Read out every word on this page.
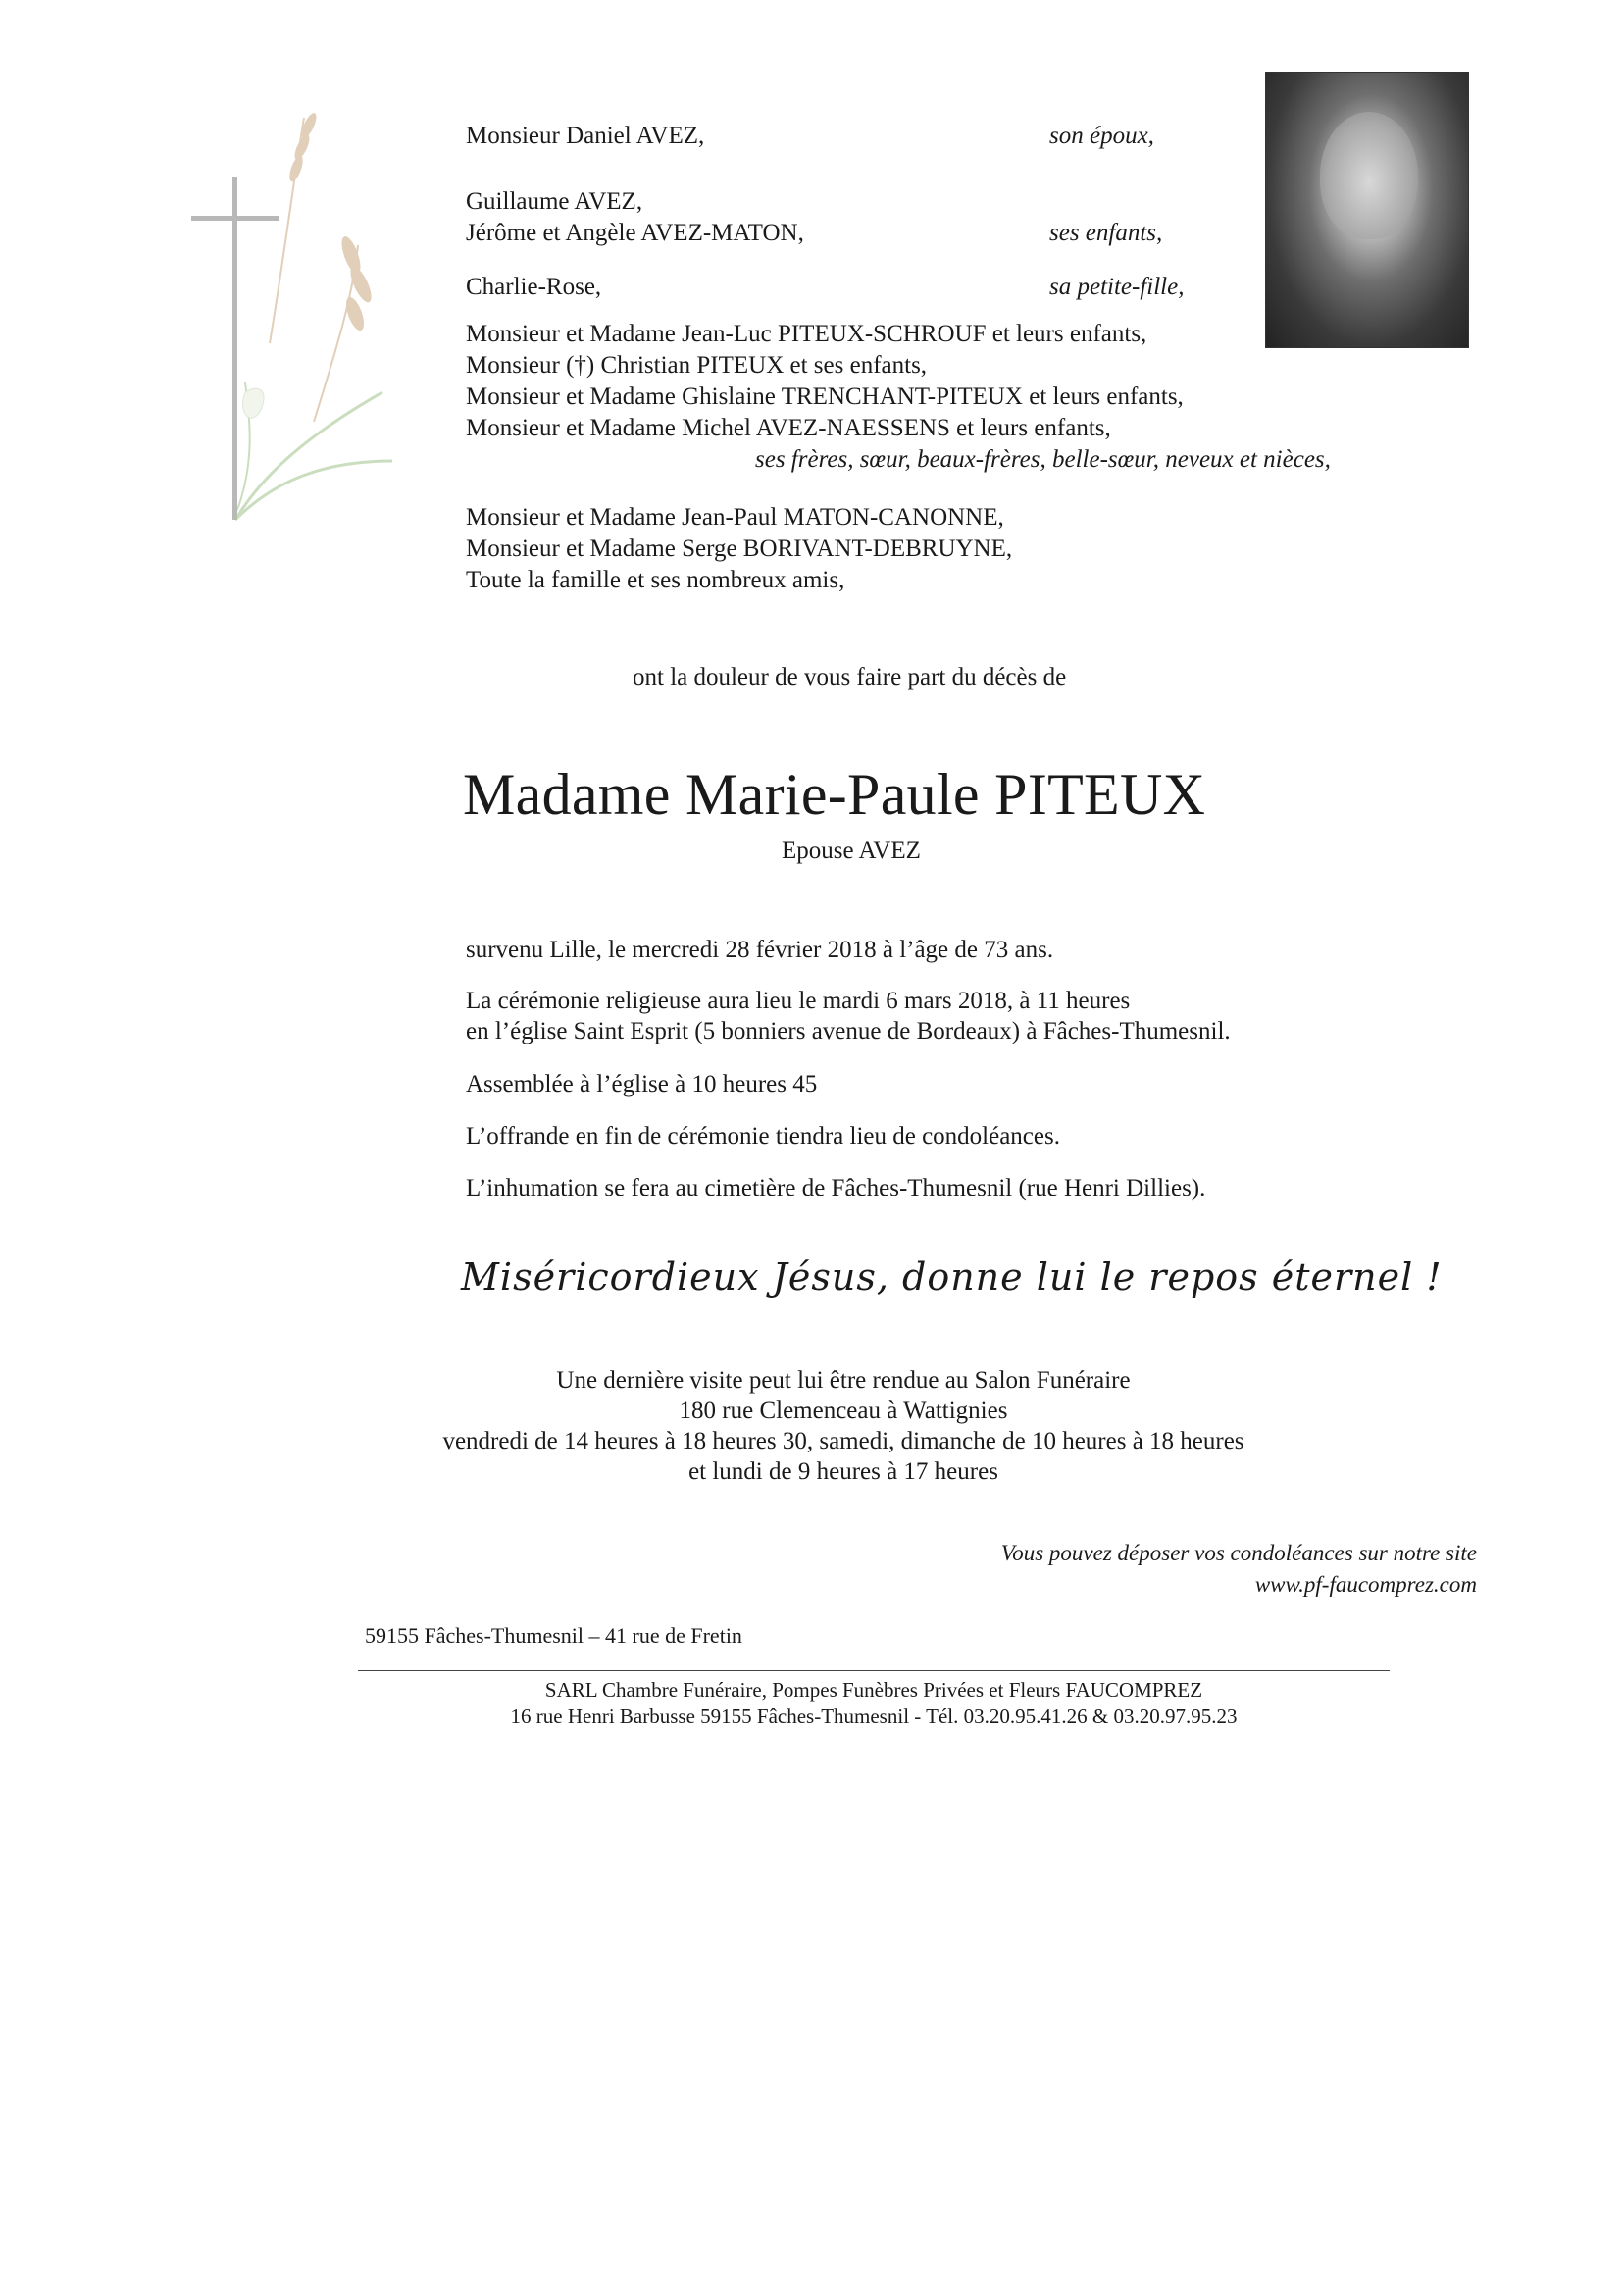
Monsieur Daniel AVEZ,	son époux,
Guillaume AVEZ,
Jérôme et Angèle AVEZ-MATON,	ses enfants,
Charlie-Rose,	sa petite-fille,
Monsieur et Madame Jean-Luc PITEUX-SCHROUF et leurs enfants,
Monsieur (†) Christian PITEUX et ses enfants,
Monsieur et Madame Ghislaine TRENCHANT-PITEUX et leurs enfants,
Monsieur et Madame Michel AVEZ-NAESSENS et leurs enfants,
ses frères, sœur, beaux-frères, belle-sœur, neveux et nièces,
Monsieur et Madame Jean-Paul MATON-CANONNE,
Monsieur et Madame Serge BORIVANT-DEBRUYNE,
Toute la famille et ses nombreux amis,
ont la douleur de vous faire part du décès de
Madame Marie-Paule PITEUX
Epouse AVEZ
survenu Lille, le mercredi 28 février 2018 à l’âge de 73 ans.
La cérémonie religieuse aura lieu le mardi 6 mars 2018, à 11 heures
en l’église Saint Esprit (5 bonniers avenue de Bordeaux) à Fâches-Thumesnil.
Assemblée à l’église à 10 heures 45
L’offrande en fin de cérémonie tiendra lieu de condoléances.
L’inhumation se fera au cimetière de Fâches-Thumesnil (rue Henri Dillies).
Miséricordieux Jésus, donne lui le repos éternel !
Une dernière visite peut lui être rendue au Salon Funéraire
180 rue Clemenceau à Wattignies
vendredi de 14 heures à 18 heures 30, samedi, dimanche de 10 heures à 18 heures
et lundi de 9 heures à 17 heures
Vous pouvez déposer vos condoléances sur notre site
www.pf-faucomprez.com
59155 Fâches-Thumesnil – 41 rue de Fretin
SARL Chambre Funéraire, Pompes Funèbres Privées et Fleurs FAUCOMPREZ
16 rue Henri Barbusse 59155 Fâches-Thumesnil - Tél. 03.20.95.41.26 & 03.20.97.95.23
